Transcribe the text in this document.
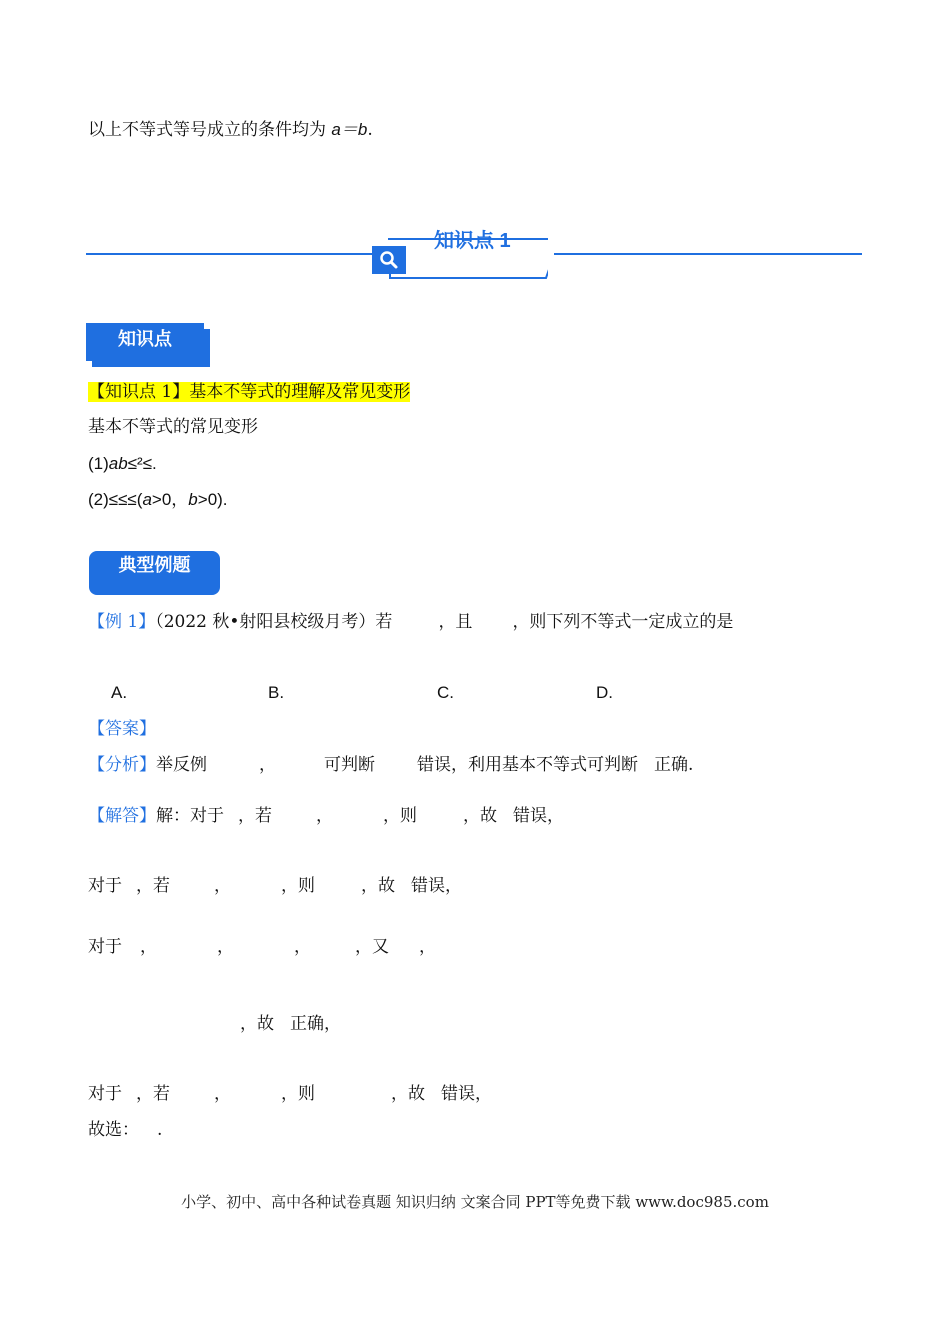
以上不等式等号成立的条件均为 a＝b.
知识点 1
知识点
【知识点 1】基本不等式的理解及常见变形
基本不等式的常见变形
(1)ab≤²≤.
(2)≤≤≤(a>0，b>0).
典型例题
【例 1】（2022 秋•射阳县校级月考）若	，且 ，则下列不等式一定成立的是
A.	B.	C.	D.
【答案】
【分析】举反例	，	可判断 错误，利用基本不等式可判断 正确.
【解答】解：对于 ，若	，	，则	，故 错误，
对于 ，若	，	，则	，故 错误，
对于 ，	，	，	，又 ，
，故 正确，
对于 ，若	，	，则	，故 错误，
故选： .
小学、初中、高中各种试卷真题 知识归纳 文案合同 PPT等免费下载 www.doc985.com
